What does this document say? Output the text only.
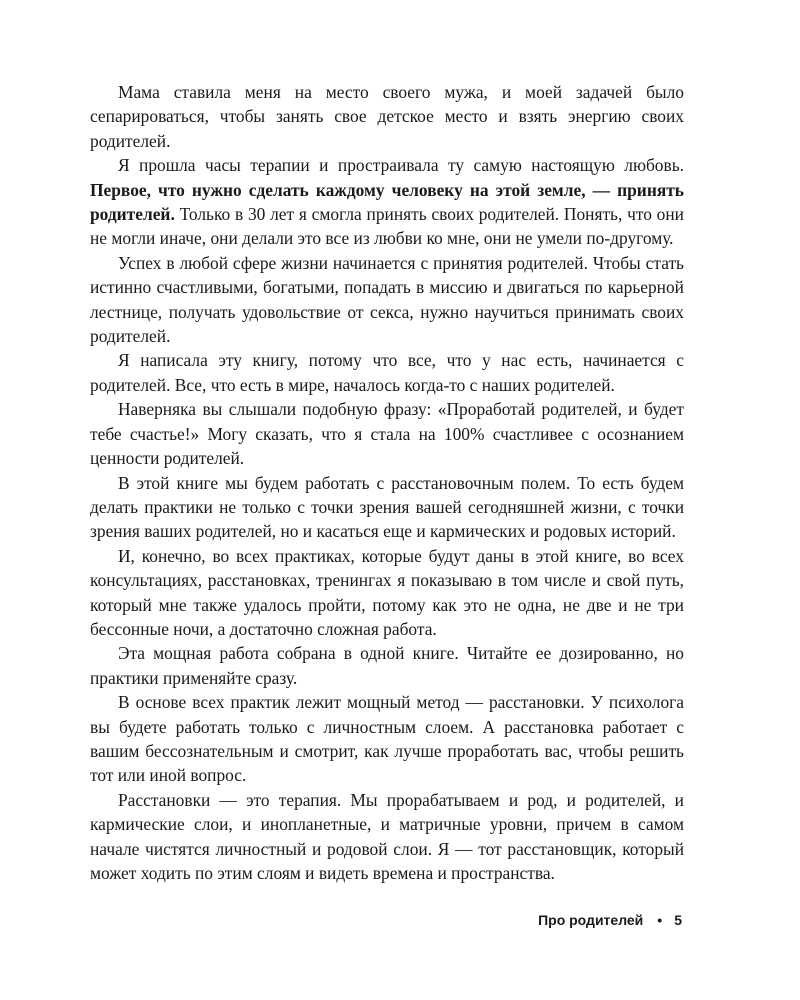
Мама ставила меня на место своего мужа, и моей задачей было сепарироваться, чтобы занять свое детское место и взять энергию своих родителей.

Я прошла часы терапии и простраивала ту самую настоящую любовь. Первое, что нужно сделать каждому человеку на этой земле, — принять родителей. Только в 30 лет я смогла принять своих родителей. Понять, что они не могли иначе, они делали это все из любви ко мне, они не умели по-другому.

Успех в любой сфере жизни начинается с принятия родителей. Чтобы стать истинно счастливыми, богатыми, попадать в миссию и двигаться по карьерной лестнице, получать удовольствие от секса, нужно научиться принимать своих родителей.

Я написала эту книгу, потому что все, что у нас есть, начинается с родителей. Все, что есть в мире, началось когда-то с наших родителей.

Наверняка вы слышали подобную фразу: «Проработай родителей, и будет тебе счастье!» Могу сказать, что я стала на 100% счастливее с осознанием ценности родителей.

В этой книге мы будем работать с расстановочным полем. То есть будем делать практики не только с точки зрения вашей сегодняшней жизни, с точки зрения ваших родителей, но и касаться еще и кармических и родовых историй.

И, конечно, во всех практиках, которые будут даны в этой книге, во всех консультациях, расстановках, тренингах я показываю в том числе и свой путь, который мне также удалось пройти, потому как это не одна, не две и не три бессонные ночи, а достаточно сложная работа.

Эта мощная работа собрана в одной книге. Читайте ее дозированно, но практики применяйте сразу.

В основе всех практик лежит мощный метод — расстановки. У психолога вы будете работать только с личностным слоем. А расстановка работает с вашим бессознательным и смотрит, как лучше проработать вас, чтобы решить тот или иной вопрос.

Расстановки — это терапия. Мы прорабатываем и род, и родителей, и кармические слои, и инопланетные, и матричные уровни, причем в самом начале чистятся личностный и родовой слои. Я — тот расстановщик, который может ходить по этим слоям и видеть времена и пространства.

Про родителей • 5
